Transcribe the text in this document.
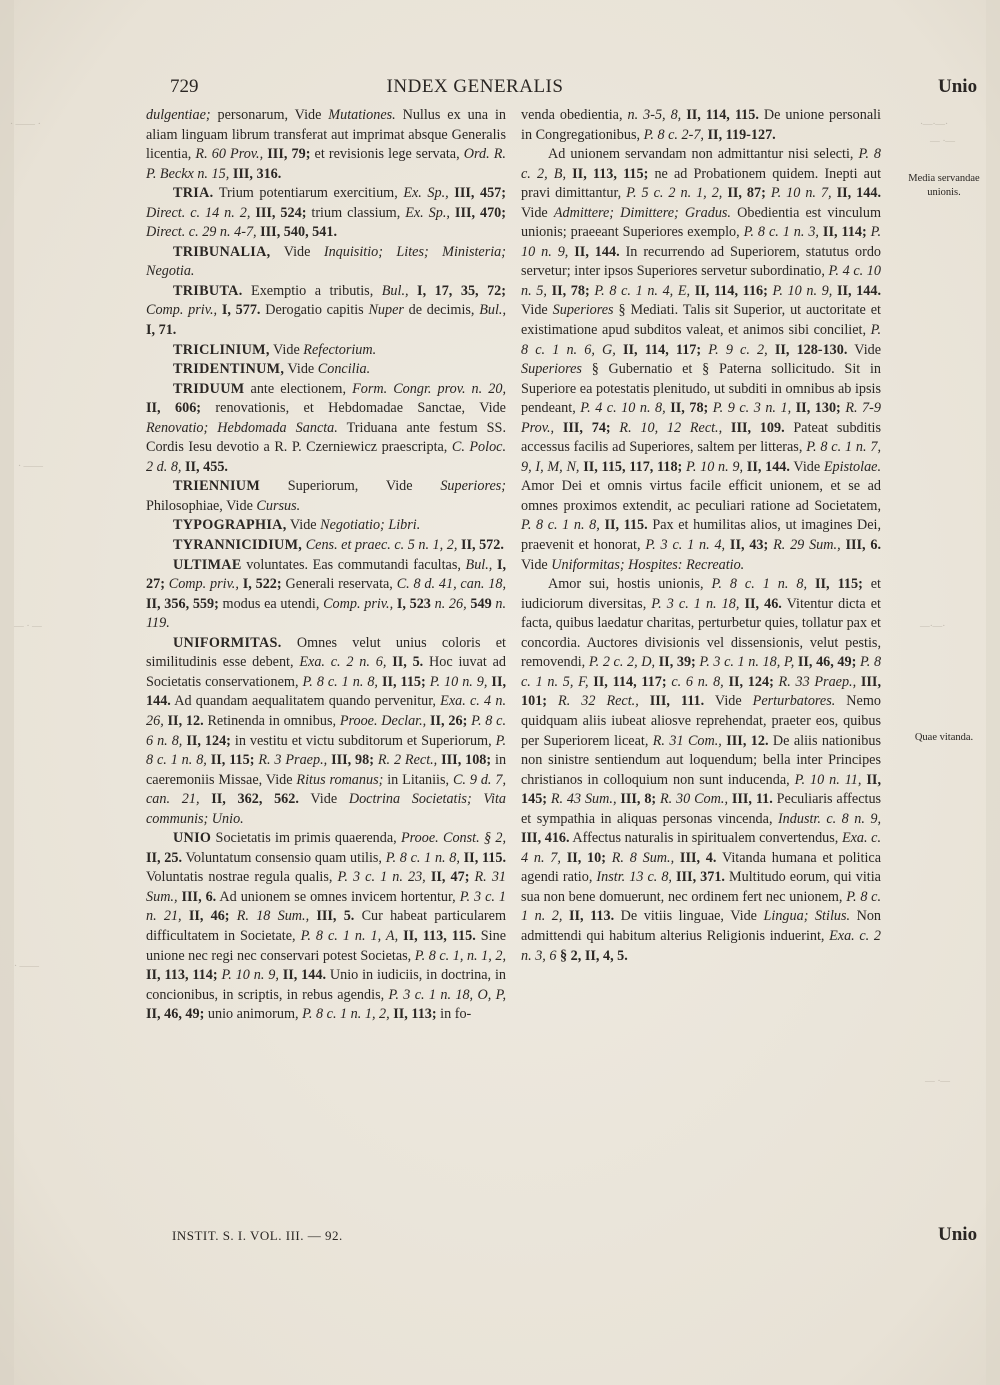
·—·—·
— ·—
· —— ·
· ——
— · —
· ——
—·—·
— ·—
729	INDEX GENERALIS	Unio

dulgentiae; personarum, Vide Mutationes. Nullus ex una in aliam linguam librum transferat aut imprimat absque Generalis licentia, R. 60 Prov., III, 79; et revisionis lege servata, Ord. R. P. Beckx n. 15, III, 316.

TRIA. Trium potentiarum exercitium, Ex. Sp., III, 457; Direct. c. 14 n. 2, III, 524; trium classium, Ex. Sp., III, 470; Direct. c. 29 n. 4-7, III, 540, 541.

TRIBUNALIA, Vide Inquisitio; Lites; Ministeria; Negotia.

TRIBUTA. Exemptio a tributis, Bul., I, 17, 35, 72; Comp. priv., I, 577. Derogatio capitis Nuper de decimis, Bul., I, 71.

TRICLINIUM, Vide Refectorium.

TRIDENTINUM, Vide Concilia.

TRIDUUM ante electionem, Form. Congr. prov. n. 20, II, 606; renovationis, et Hebdomadae Sanctae, Vide Renovatio; Hebdomada Sancta. Triduana ante festum SS. Cordis Iesu devotio a R. P. Czerniewicz praescripta, C. Poloc. 2 d. 8, II, 455.

TRIENNIUM Superiorum, Vide Superiores; Philosophiae, Vide Cursus.

TYPOGRAPHIA, Vide Negotiatio; Libri.

TYRANNICIDIUM, Cens. et praec. c. 5 n. 1, 2, II, 572.

ULTIMAE voluntates. Eas commutandi facultas, Bul., I, 27; Comp. priv., I, 522; Generali reservata, C. 8 d. 41, can. 18, II, 356, 559; modus ea utendi, Comp. priv., I, 523 n. 26, 549 n. 119.

UNIFORMITAS. Omnes velut unius coloris et similitudinis esse debent, Exa. c. 2 n. 6, II, 5. Hoc iuvat ad Societatis conservationem, P. 8 c. 1 n. 8, II, 115; P. 10 n. 9, II, 144. Ad quandam aequalitatem quando pervenitur, Exa. c. 4 n. 26, II, 12. Retinenda in omnibus, Prooe. Declar., II, 26; P. 8 c. 6 n. 8, II, 124; in vestitu et victu subditorum et Superiorum, P. 8 c. 1 n. 8, II, 115; R. 3 Praep., III, 98; R. 2 Rect., III, 108; in caeremoniis Missae, Vide Ritus romanus; in Litaniis, C. 9 d. 7, can. 21, II, 362, 562. Vide Doctrina Societatis; Vita communis; Unio.

UNIO Societatis im primis quaerenda, Prooe. Const. § 2, II, 25. Voluntatum consensio quam utilis, P. 8 c. 1 n. 8, II, 115. Voluntatis nostrae regula qualis, P. 3 c. 1 n. 23, II, 47; R. 31 Sum., III, 6. Ad unionem se omnes invicem hortentur, P. 3 c. 1 n. 21, II, 46; R. 18 Sum., III, 5. Cur habeat particularem difficultatem in Societate, P. 8 c. 1 n. 1, A, II, 113, 115. Sine unione nec regi nec conservari potest Societas, P. 8 c. 1, n. 1, 2, II, 113, 114; P. 10 n. 9, II, 144. Unio in iudiciis, in doctrina, in concionibus, in scriptis, in rebus agendis, P. 3 c. 1 n. 18, O, P, II, 46, 49; unio animorum, P. 8 c. 1 n. 1, 2, II, 113; in fo-

venda obedientia, n. 3-5, 8, II, 114, 115. De unione personali in Congregationibus, P. 8 c. 2-7, II, 119-127.

Ad unionem servandam non admittantur nisi selecti, P. 8 c. 2, B, II, 113, 115; ne ad Probationem quidem. Inepti aut pravi dimittantur, P. 5 c. 2 n. 1, 2, II, 87; P. 10 n. 7, II, 144. Vide Admittere; Dimittere; Gradus. Obedientia est vinculum unionis; praeeant Superiores exemplo, P. 8 c. 1 n. 3, II, 114; P. 10 n. 9, II, 144. In recurrendo ad Superiorem, statutus ordo servetur; inter ipsos Superiores servetur subordinatio, P. 4 c. 10 n. 5, II, 78; P. 8 c. 1 n. 4, E, II, 114, 116; P. 10 n. 9, II, 144. Vide Superiores § Mediati. Talis sit Superior, ut auctoritate et existimatione apud subditos valeat, et animos sibi conciliet, P. 8 c. 1 n. 6, G, II, 114, 117; P. 9 c. 2, II, 128-130. Vide Superiores § Gubernatio et § Paterna sollicitudo. Sit in Superiore ea potestatis plenitudo, ut subditi in omnibus ab ipsis pendeant, P. 4 c. 10 n. 8, II, 78; P. 9 c. 3 n. 1, II, 130; R. 7-9 Prov., III, 74; R. 10, 12 Rect., III, 109. Pateat subditis accessus facilis ad Superiores, saltem per litteras, P. 8 c. 1 n. 7, 9, I, M, N, II, 115, 117, 118; P. 10 n. 9, II, 144. Vide Epistolae. Amor Dei et omnis virtus facile efficit unionem, et se ad omnes proximos extendit, ac peculiari ratione ad Societatem, P. 8 c. 1 n. 8, II, 115. Pax et humilitas alios, ut imagines Dei, praevenit et honorat, P. 3 c. 1 n. 4, II, 43; R. 29 Sum., III, 6. Vide Uniformitas; Hospites: Recreatio.

Amor sui, hostis unionis, P. 8 c. 1 n. 8, II, 115; et iudiciorum diversitas, P. 3 c. 1 n. 18, II, 46. Vitentur dicta et facta, quibus laedatur charitas, perturbetur quies, tollatur pax et concordia. Auctores divisionis vel dissensionis, velut pestis, removendi, P. 2 c. 2, D, II, 39; P. 3 c. 1 n. 18, P, II, 46, 49; P. 8 c. 1 n. 5, F, II, 114, 117; c. 6 n. 8, II, 124; R. 33 Praep., III, 101; R. 32 Rect., III, 111. Vide Perturbatores. Nemo quidquam aliis iubeat aliosve reprehendat, praeter eos, quibus per Superiorem liceat, R. 31 Com., III, 12. De aliis nationibus non sinistre sentiendum aut loquendum; bella inter Principes christianos in colloquium non sunt inducenda, P. 10 n. 11, II, 145; R. 43 Sum., III, 8; R. 30 Com., III, 11. Peculiaris affectus et sympathia in aliquas personas vincenda, Industr. c. 8 n. 9, III, 416. Affectus naturalis in spiritualem convertendus, Exa. c. 4 n. 7, II, 10; R. 8 Sum., III, 4. Vitanda humana et politica agendi ratio, Instr. 13 c. 8, III, 371. Multitudo eorum, qui vitia sua non bene domuerunt, nec ordinem fert nec unionem, P. 8 c. 1 n. 2, II, 113. De vitiis linguae, Vide Lingua; Stilus. Non admittendi qui habitum alterius Religionis induerint, Exa. c. 2 n. 3, 6 § 2, II, 4, 5.

Media servandae unionis.
Quae vitanda.
INSTIT. S. I. VOL. III. — 92.	Unio
